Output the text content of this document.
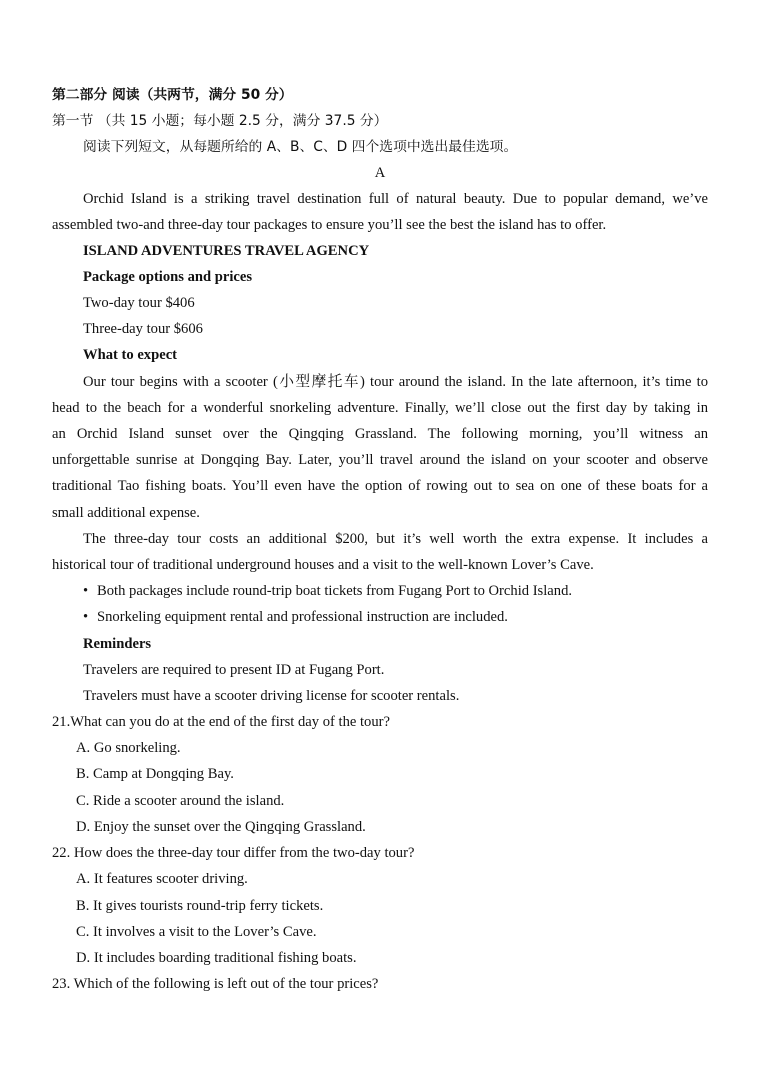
第二部分 阅读（共两节，满分 50 分）
第一节 （共 15 小题；每小题 2.5 分，满分 37.5 分）
阅读下列短文，从每题所给的 A、B、C、D 四个选项中选出最佳选项。
A
Orchid Island is a striking travel destination full of natural beauty. Due to popular demand, we’ve
assembled two-and three-day tour packages to ensure you’ll see the best the island has to offer.
ISLAND ADVENTURES TRAVEL AGENCY
Package options and prices
Two-day tour $406
Three-day tour $606
What to expect
Our tour begins with a scooter (小型摩托车) tour around the island. In the late afternoon, it’s time to
head to the beach for a wonderful snorkeling adventure. Finally, we’ll close out the first day by taking in
an Orchid Island sunset over the Qingqing Grassland. The following morning, you’ll witness an
unforgettable sunrise at Dongqing Bay. Later, you’ll travel around the island on your scooter and observe
traditional Tao fishing boats. You’ll even have the option of rowing out to sea on one of these boats for a
small additional expense.
The three-day tour costs an additional $200, but it’s well worth the extra expense. It includes a
historical tour of traditional underground houses and a visit to the well-known Lover’s Cave.
• Both packages include round-trip boat tickets from Fugang Port to Orchid Island.
• Snorkeling equipment rental and professional instruction are included.
Reminders
Travelers are required to present ID at Fugang Port.
Travelers must have a scooter driving license for scooter rentals.
21.What can you do at the end of the first day of the tour?
A. Go snorkeling.
B. Camp at Dongqing Bay.
C. Ride a scooter around the island.
D. Enjoy the sunset over the Qingqing Grassland.
22. How does the three-day tour differ from the two-day tour?
A. It features scooter driving.
B. It gives tourists round-trip ferry tickets.
C. It involves a visit to the Lover’s Cave.
D. It includes boarding traditional fishing boats.
23. Which of the following is left out of the tour prices?
